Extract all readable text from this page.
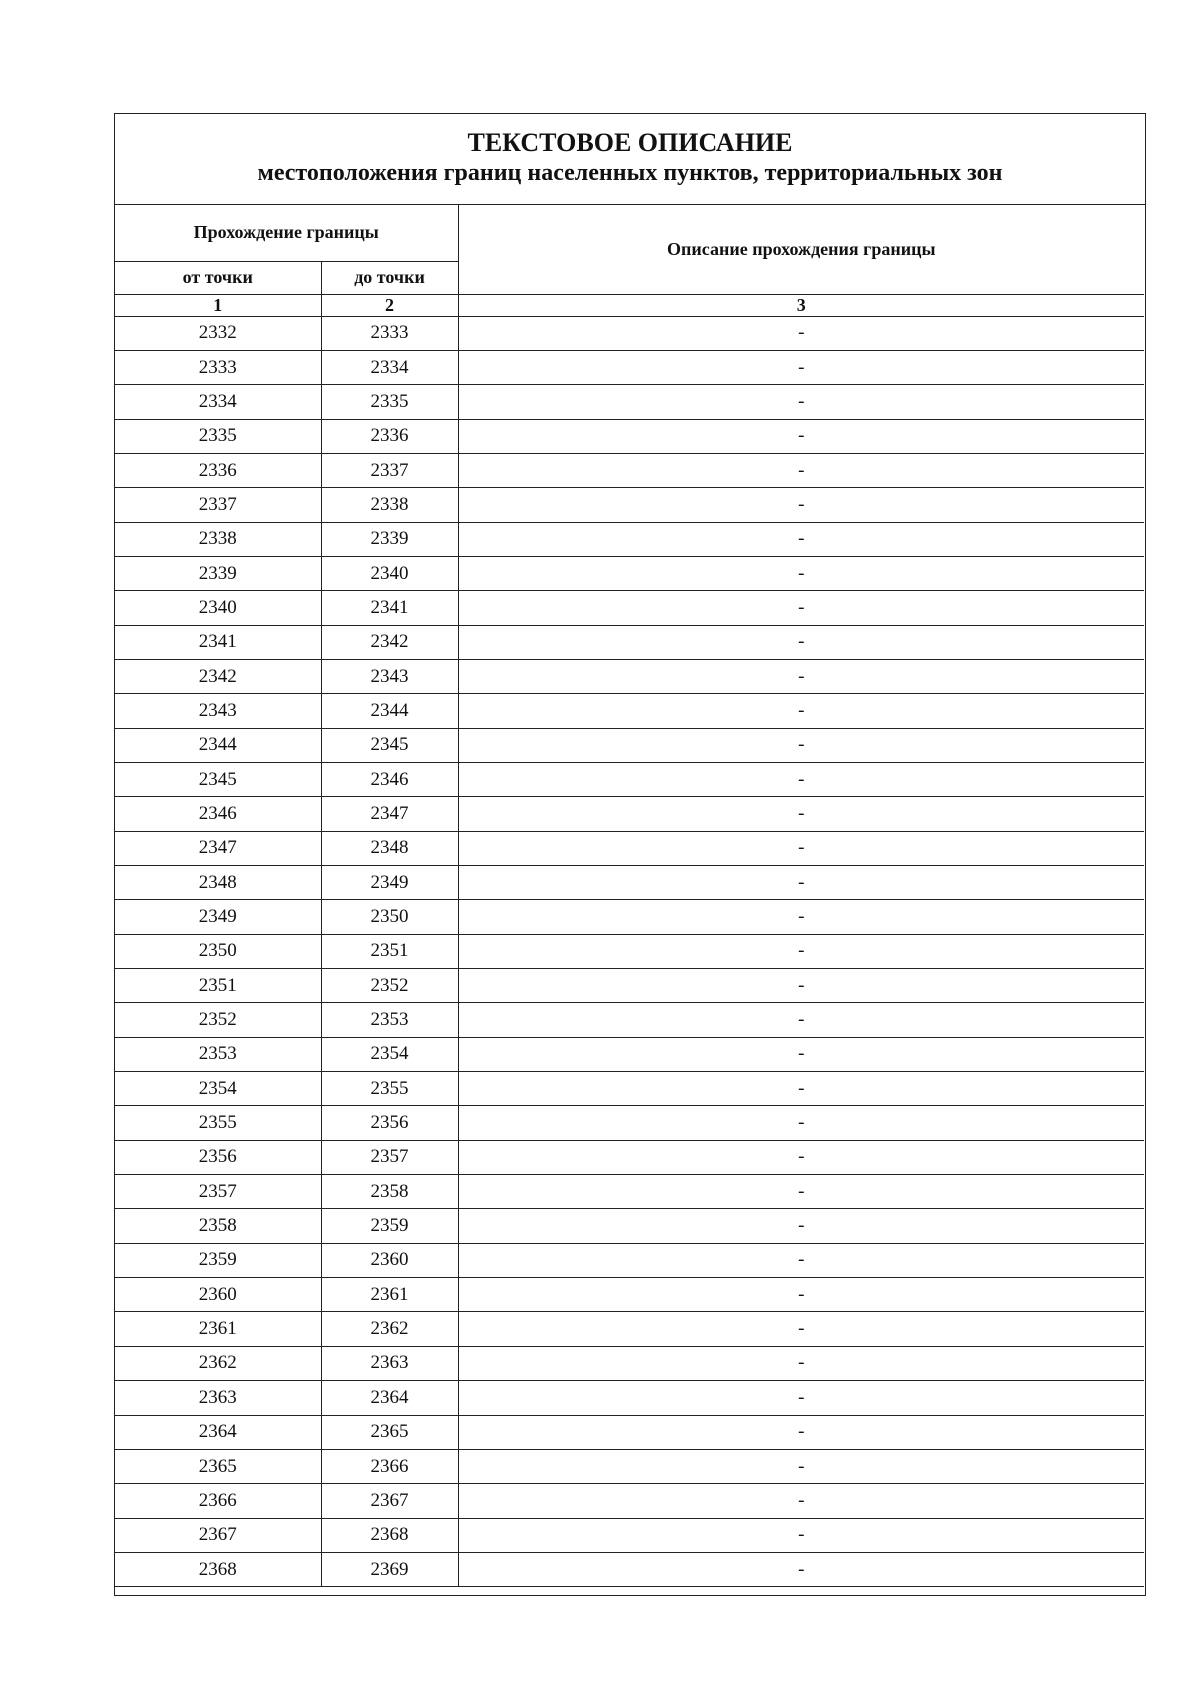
ТЕКСТОВОЕ ОПИСАНИЕ
местоположения границ населенных пунктов, территориальных зон
Прохождение границы		Описание прохождения границы
от точки	до точки	
1	2	3
2332	2333	-
2333	2334	-
2334	2335	-
2335	2336	-
2336	2337	-
2337	2338	-
2338	2339	-
2339	2340	-
2340	2341	-
2341	2342	-
2342	2343	-
2343	2344	-
2344	2345	-
2345	2346	-
2346	2347	-
2347	2348	-
2348	2349	-
2349	2350	-
2350	2351	-
2351	2352	-
2352	2353	-
2353	2354	-
2354	2355	-
2355	2356	-
2356	2357	-
2357	2358	-
2358	2359	-
2359	2360	-
2360	2361	-
2361	2362	-
2362	2363	-
2363	2364	-
2364	2365	-
2365	2366	-
2366	2367	-
2367	2368	-
2368	2369	-
